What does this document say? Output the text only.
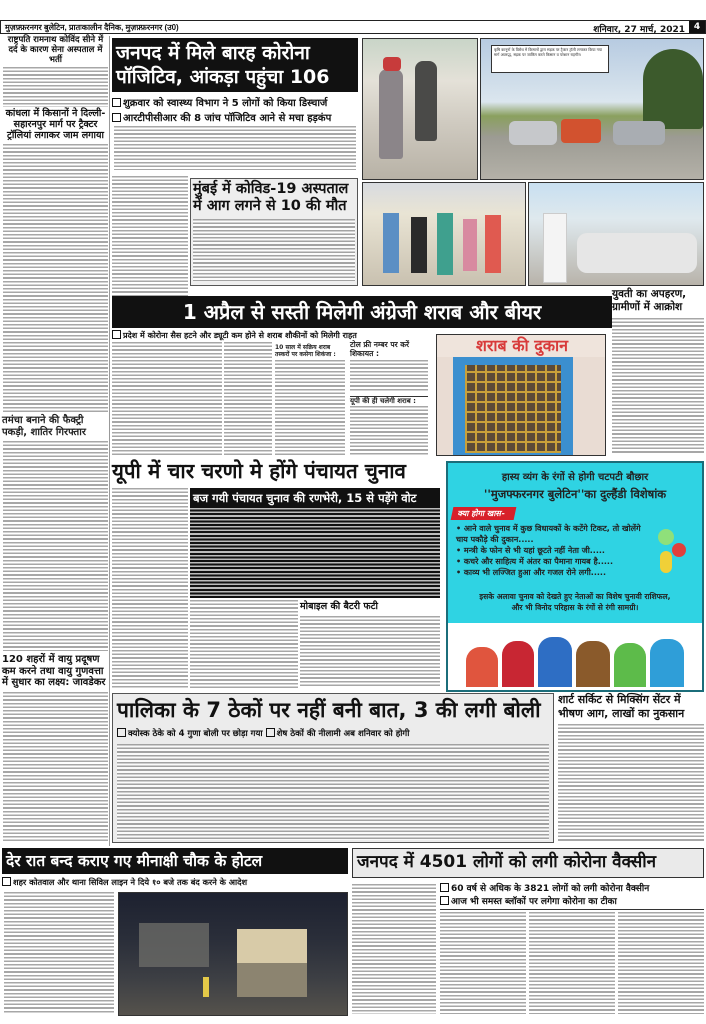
मुज़फ़्फ़रनगर बुलेटिन, प्रातःकालीन दैनिक, मुज़फ़्फ़रनगर (उ0)	शनिवार, 27 मार्च, 2021 4
राष्ट्रपति रामनाथ कोविंद सीने में दर्द के कारण सेना अस्पताल में भर्ती
कांधला में किसानों ने दिल्ली-सहारनपुर मार्ग पर ट्रैक्टर ट्रॉलियां लगाकर जाम लगाया
तमंचा बनाने की फैक्ट्री पकड़ी, शातिर गिरफ्तार
120 शहरों में वायु प्रदूषण कम करने तथा वायु गुणवत्ता में सुधार का लक्ष्य: जावडेकर
जनपद में मिले बारह कोरोना पॉजिटिव, आंकड़ा पहुंचा 106
शुक्रवार को स्वास्थ्य विभाग ने 5 लोगों को किया डिस्चार्ज
आरटीपीसीआर की 8 जांच पॉजिटिव आने से मचा हड़कंप
कृषि कानूनों के विरोध में किसानों द्वारा सड़क पर ट्रैक्टर ट्रॉली लगाकर किया गया मार्ग अवरुद्ध, सड़क पर जाकिंग करते किसान व परेशान राहगीर।
मुंबई में कोविड-19 अस्पताल में आग लगने से 10 की मौत
1 अप्रैल से सस्ती मिलेगी अंग्रेजी शराब और बीयर
प्रदेश में कोरोना सैस हटने और ड्यूटी कम होने से शराब शौकीनों को मिलेगी राहत
10 साल में सक्रिय शराब तस्करों पर कसेगा शिकंजा :
टोल फ्री नम्बर पर करें शिकायत :
यूपी की ही चलेगी शराब :
शराब की दुकान
युवती का अपहरण, ग्रामीणों में आक्रोश
यूपी में चार चरणो मे होंगे पंचायत चुनाव
बज गयी पंचायत चुनाव की रणभेरी, 15 से पड़ेंगे वोट
मोबाइल की बैटरी फटी
हास्य व्यंग के रंगों से होगी चटपटी बौछार
''मुजफ्फरनगर बुलेटिन''का दुल्हैंडी विशेषांक
क्या होगा खास-
• आने वाले चुनाव में कुछ विधायकों के कटेंगे टिकट, तो खोलेंगे चाय पकौड़े की दुकान.....
• मन्त्री के फोन से भी यहां छूटते नहीं नेता जी.....
• कचरे और साहित्य में अंतर का पैमाना गायब है.....
• काव्य भी लज्जित हुआ और गजल रोने लगी.....
इसके अलावा चुनाव को देखते हुए नेताओं का विशेष चुनावी राशिफल,
और भी विनोद परिहास के रंगों से रंगी सामग्री।
पालिका के 7 ठेकों पर नहीं बनी बात, 3 की लगी बोली
क्योस्क ठेके को 4 गुणा बोली पर छोड़ा गया शेष ठेकों की नीलामी अब शनिवार को होगी
शार्ट सर्किट से मिक्सिंग सेंटर में भीषण आग, लाखों का नुकसान
देर रात बन्द कराए गए मीनाक्षी चौक के होटल
शहर कोतवाल और थाना सिविल लाइन ने दिये १० बजे तक बंद करने के आदेश
जनपद में 4501 लोगों को लगी कोरोना वैक्सीन
60 वर्ष से अधिक के 3821 लोगों को लगी कोरोना वैक्सीन
आज भी समस्त ब्लॉकों पर लगेगा कोरोना का टीका
